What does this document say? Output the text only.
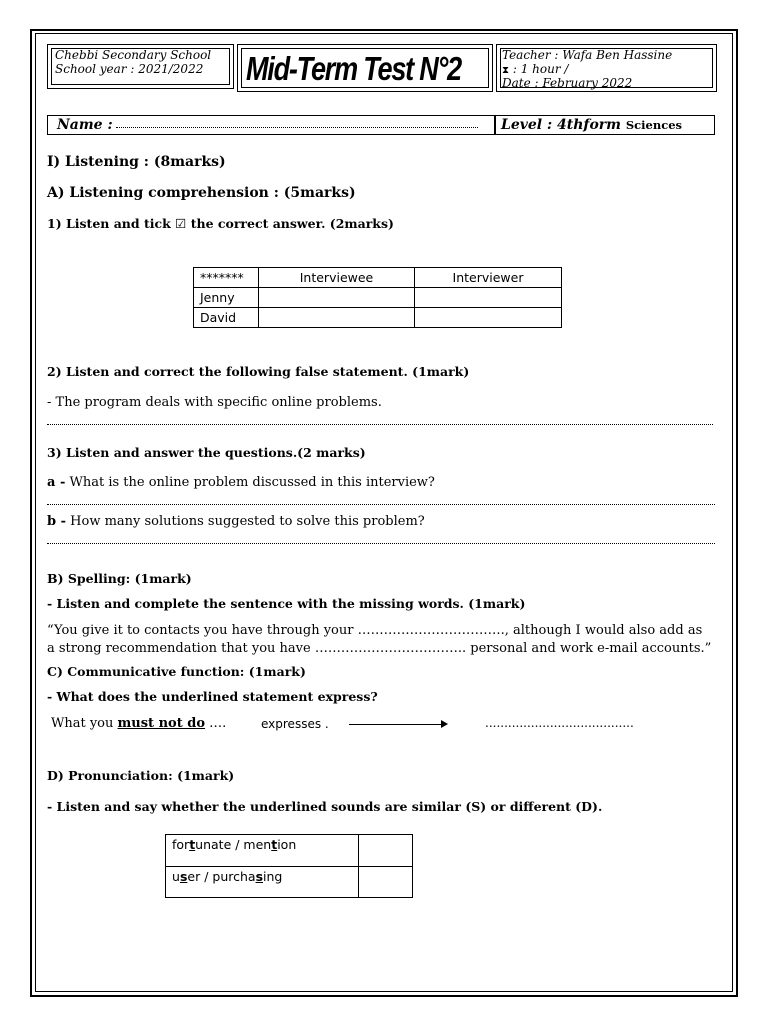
Chebbi Secondary School
School year : 2021/2022 Mid-Term Test N°2	Teacher : Wafa Ben Hassine
⧗ : 1 hour /
Date : February 2022
Name :	Level : 4thform Sciences
I) Listening : (8marks)
A) Listening comprehension : (5marks)
1) Listen and tick ☑ the correct answer. (2marks)
*******	Interviewee	Interviewer
Jenny		
David		
2) Listen and correct the following false statement. (1mark)
- The program deals with specific online problems.
3) Listen and answer the questions.(2 marks)
a - What is the online problem discussed in this interview?
b - How many solutions suggested to solve this problem?
B) Spelling: (1mark)
- Listen and complete the sentence with the missing words. (1mark)
“You give it to contacts you have through your ……………………………., although I would also add as
a strong recommendation that you have …………………………….. personal and work e-mail accounts.”
C) Communicative function: (1mark)
- What does the underlined statement express?
What you must not do ….	expresses .	.......................................
D) Pronunciation: (1mark)
- Listen and say whether the underlined sounds are similar (S) or different (D).
fortunate / mention	
user / purchasing	
